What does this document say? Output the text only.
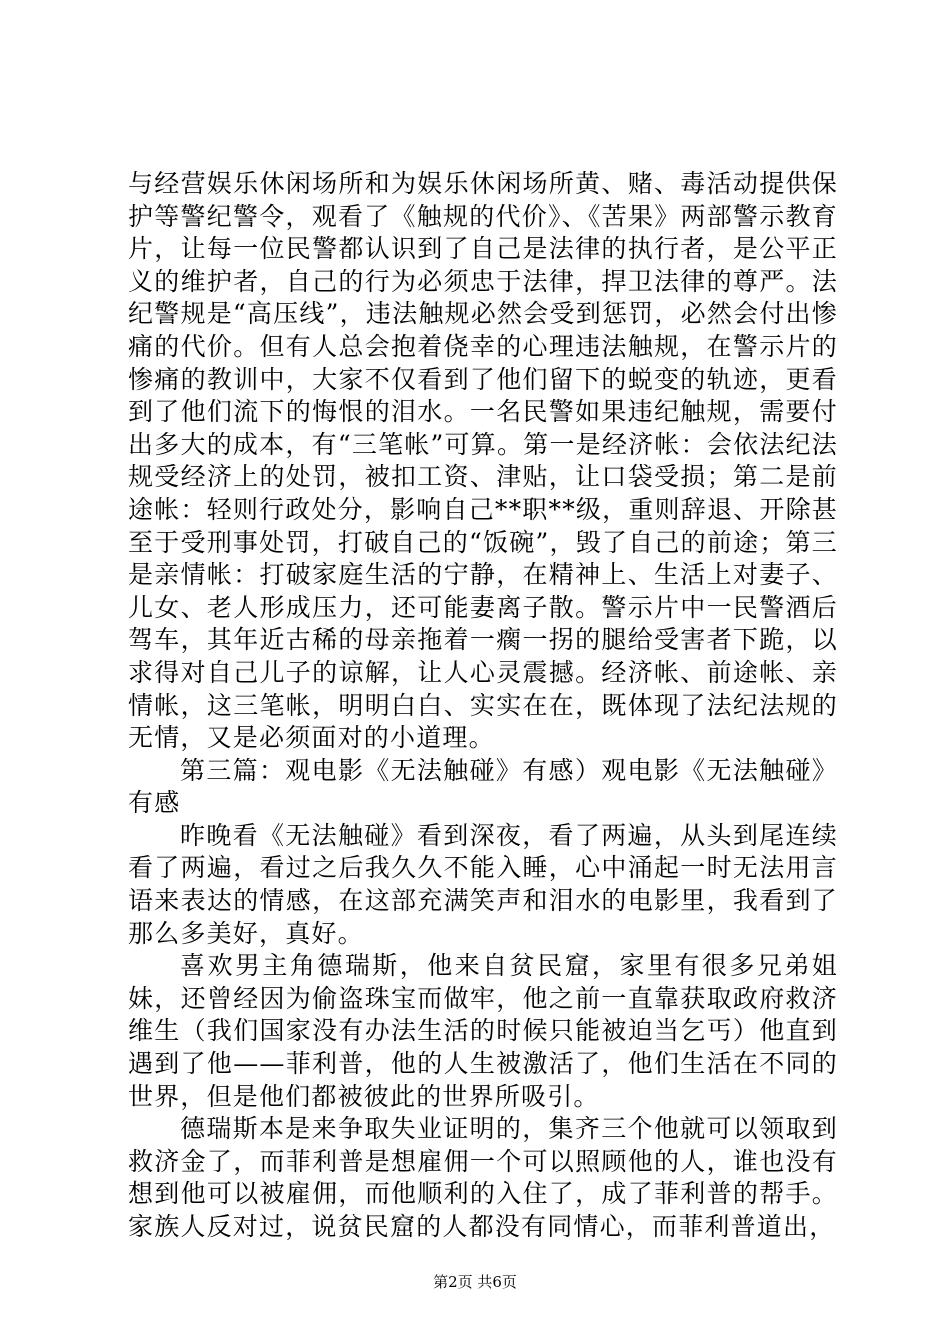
与经营娱乐休闲场所和为娱乐休闲场所黄、赌、毒活动提供保护等警纪警令，观看了《触规的代价》、《苦果》两部警示教育片，让每一位民警都认识到了自己是法律的执行者，是公平正义的维护者，自己的行为必须忠于法律，捍卫法律的尊严。法纪警规是“高压线”，违法触规必然会受到惩罚，必然会付出惨痛的代价。但有人总会抱着侥幸的心理违法触规，在警示片的惨痛的教训中，大家不仅看到了他们留下的蜕变的轨迹，更看到了他们流下的悔恨的泪水。一名民警如果违纪触规，需要付出多大的成本，有“三笔帐”可算。第一是经济帐：会依法纪法规受经济上的处罚，被扣工资、津贴，让口袋受损；第二是前途帐：轻则行政处分，影响自己**职**级，重则辞退、开除甚至于受刑事处罚，打破自己的“饭碗”，毁了自己的前途；第三是亲情帐：打破家庭生活的宁静，在精神上、生活上对妻子、儿女、老人形成压力，还可能妻离子散。警示片中一民警酒后驾车，其年近古稀的母亲拖着一瘸一拐的腿给受害者下跪，以求得对自己儿子的谅解，让人心灵震撼。经济帐、前途帐、亲情帐，这三笔帐，明明白白、实实在在，既体现了法纪法规的无情，又是必须面对的小道理。

第三篇：观电影《无法触碰》有感）观电影《无法触碰》有感

昨晚看《无法触碰》看到深夜，看了两遍，从头到尾连续看了两遍，看过之后我久久不能入睡，心中涌起一时无法用言语来表达的情感，在这部充满笑声和泪水的电影里，我看到了那么多美好，真好。

喜欢男主角德瑞斯，他来自贫民窟，家里有很多兄弟姐妹，还曾经因为偷盗珠宝而做牢，他之前一直靠获取政府救济维生（我们国家没有办法生活的时候只能被迫当乞丐）他直到遇到了他——菲利普，他的人生被激活了，他们生活在不同的世界，但是他们都被彼此的世界所吸引。

德瑞斯本是来争取失业证明的，集齐三个他就可以领取到救济金了，而菲利普是想雇佣一个可以照顾他的人，谁也没有想到他可以被雇佣，而他顺利的入住了，成了菲利普的帮手。家族人反对过，说贫民窟的人都没有同情心，而菲利普道出，

第2页 共6页
